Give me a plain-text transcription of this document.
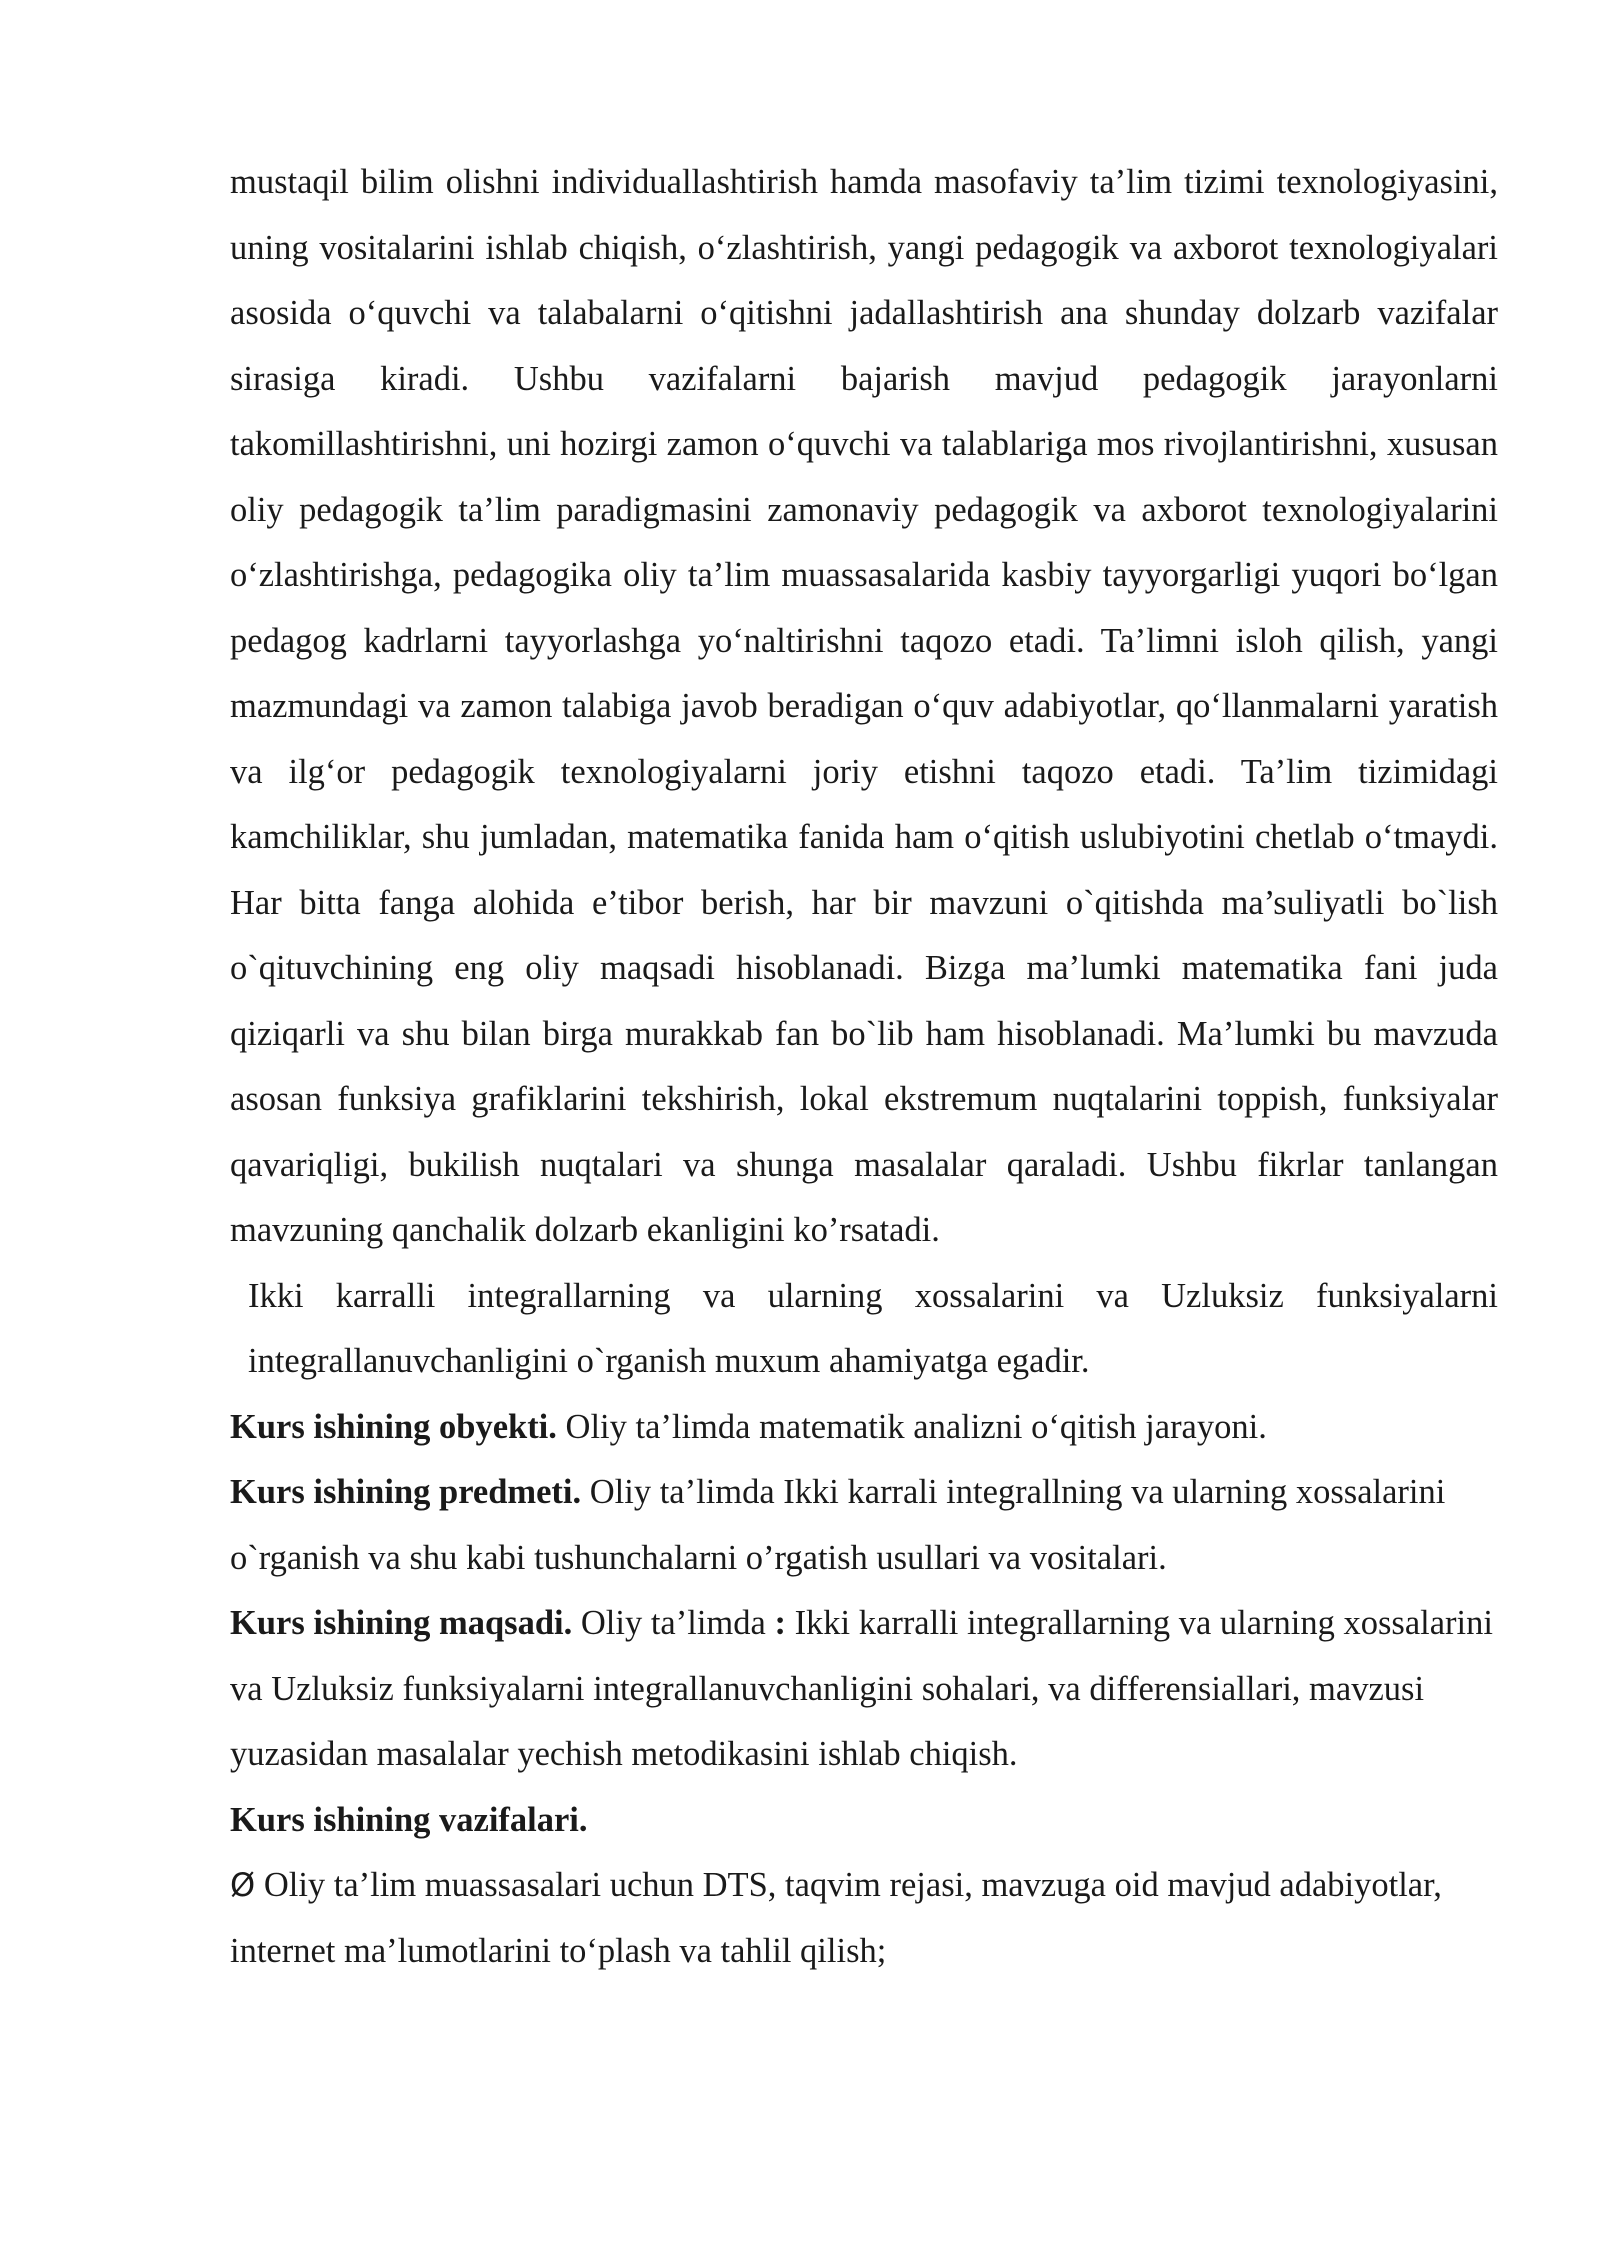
mustaqil bilim olishni individuallashtirish hamda masofaviy ta’lim tizimi texnologiyasini, uning vositalarini ishlab chiqish, o‘zlashtirish, yangi pedagogik va axborot texnologiyalari asosida o‘quvchi va talabalarni o‘qitishni jadallashtirish ana shunday dolzarb vazifalar sirasiga kiradi. Ushbu vazifalarni bajarish mavjud pedagogik jarayonlarni takomillashtirishni, uni hozirgi zamon o‘quvchi va talablariga mos rivojlantirishni, xususan oliy pedagogik ta’lim paradigmasini zamonaviy pedagogik va axborot texnologiyalarini o‘zlashtirishga, pedagogika oliy ta’lim muassasalarida kasbiy tayyorgarligi yuqori bo‘lgan pedagog kadrlarni tayyorlashga yo‘naltirishni taqozo etadi. Ta’limni isloh qilish, yangi mazmundagi va zamon talabiga javob beradigan o‘quv adabiyotlar, qo‘llanmalarni yaratish va ilg‘or pedagogik texnologiyalarni joriy etishni taqozo etadi. Ta’lim tizimidagi kamchiliklar, shu jumladan, matematika fanida ham o‘qitish uslubiyotini chetlab o‘tmaydi. Har bitta fanga alohida e’tibor berish, har bir mavzuni o`qitishda ma’suliyatli bo`lish o`qituvchining eng oliy maqsadi hisoblanadi. Bizga ma’lumki matematika fani juda qiziqarli va shu bilan birga murakkab fan bo`lib ham hisoblanadi. Ma’lumki bu mavzuda asosan funksiya grafiklarini tekshirish, lokal ekstremum nuqtalarini toppish, funksiyalar qavariqligi, bukilish nuqtalari va shunga masalalar qaraladi. Ushbu fikrlar tanlangan mavzuning qanchalik dolzarb ekanligini ko’rsatadi.

Ikki karralli integrallarning va ularning xossalarini va Uzluksiz funksiyalarni integrallanuvchanligini o`rganish muxum ahamiyatga egadir.

Kurs ishining obyekti. Oliy ta’limda matematik analizni o‘qitish jarayoni.

Kurs ishining predmeti. Oliy ta’limda Ikki karrali integrallning va ularning xossalarini o`rganish va shu kabi tushunchalarni o’rgatish usullari va vositalari.

Kurs ishining maqsadi. Oliy ta’limda : Ikki karralli integrallarning va ularning xossalarini va Uzluksiz funksiyalarni integrallanuvchanligini sohalari, va differensiallari, mavzusi yuzasidan masalalar yechish metodikasini ishlab chiqish.

Kurs ishining vazifalari.

Ø Oliy ta’lim muassasalari uchun DTS, taqvim rejasi, mavzuga oid mavjud adabiyotlar, internet ma’lumotlarini to‘plash va tahlil qilish;
